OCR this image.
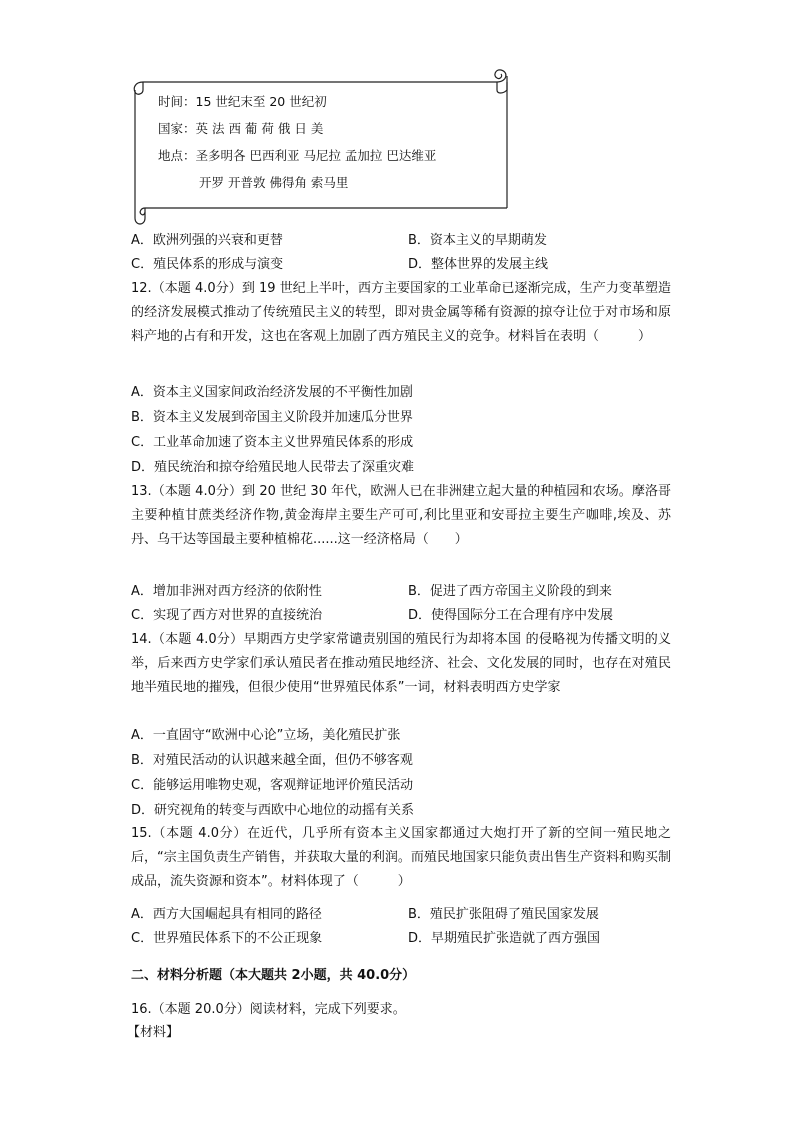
时间：15 世纪末至 20 世纪初
国家：英 法 西 葡 荷 俄 日 美
地点：圣多明各 巴西利亚 马尼拉 孟加拉 巴达维亚
开罗 开普敦 佛得角 索马里
A．欧洲列强的兴衰和更替	B．资本主义的早期萌发
C．殖民体系的形成与演变	D．整体世界的发展主线
12.（本题 4.0分）到 19 世纪上半叶，西方主要国家的工业革命已逐渐完成，生产力变革塑造的经济发展模式推动了传统殖民主义的转型，即对贵金属等稀有资源的掠夺让位于对市场和原料产地的占有和开发，这也在客观上加剧了西方殖民主义的竞争。材料旨在表明（　　　）
A．资本主义国家间政治经济发展的不平衡性加剧
B．资本主义发展到帝国主义阶段并加速瓜分世界
C．工业革命加速了资本主义世界殖民体系的形成
D．殖民统治和掠夺给殖民地人民带去了深重灾难
13.（本题 4.0分）到 20 世纪 30 年代，欧洲人已在非洲建立起大量的种植园和农场。摩洛哥主要种植甘蔗类经济作物,黄金海岸主要生产可可,利比里亚和安哥拉主要生产咖啡,埃及、苏丹、乌干达等国最主要种植棉花......这一经济格局（　　）
A．增加非洲对西方经济的依附性	B．促进了西方帝国主义阶段的到来
C．实现了西方对世界的直接统治	D．使得国际分工在合理有序中发展
14.（本题 4.0分）早期西方史学家常谴责别国的殖民行为却将本国 的侵略视为传播文明的义举，后来西方史学家们承认殖民者在推动殖民地经济、社会、文化发展的同时，也存在对殖民地半殖民地的摧残，但很少使用“世界殖民体系”一词，材料表明西方史学家
A．一直固守“欧洲中心论”立场，美化殖民扩张
B．对殖民活动的认识越来越全面，但仍不够客观
C．能够运用唯物史观，客观辩证地评价殖民活动
D．研究视角的转变与西欧中心地位的动摇有关系
15.（本题 4.0分）在近代，几乎所有资本主义国家都通过大炮打开了新的空间一殖民地之后，“宗主国负责生产销售，并获取大量的利润。而殖民地国家只能负责出售生产资料和购买制成品，流失资源和资本”。材料体现了（　　　）
A．西方大国崛起具有相同的路径	B．殖民扩张阻碍了殖民国家发展
C．世界殖民体系下的不公正现象	D．早期殖民扩张造就了西方强国
二、材料分析题（本大题共 2小题，共 40.0分）
16.（本题 20.0分）阅读材料，完成下列要求。
【材料】
